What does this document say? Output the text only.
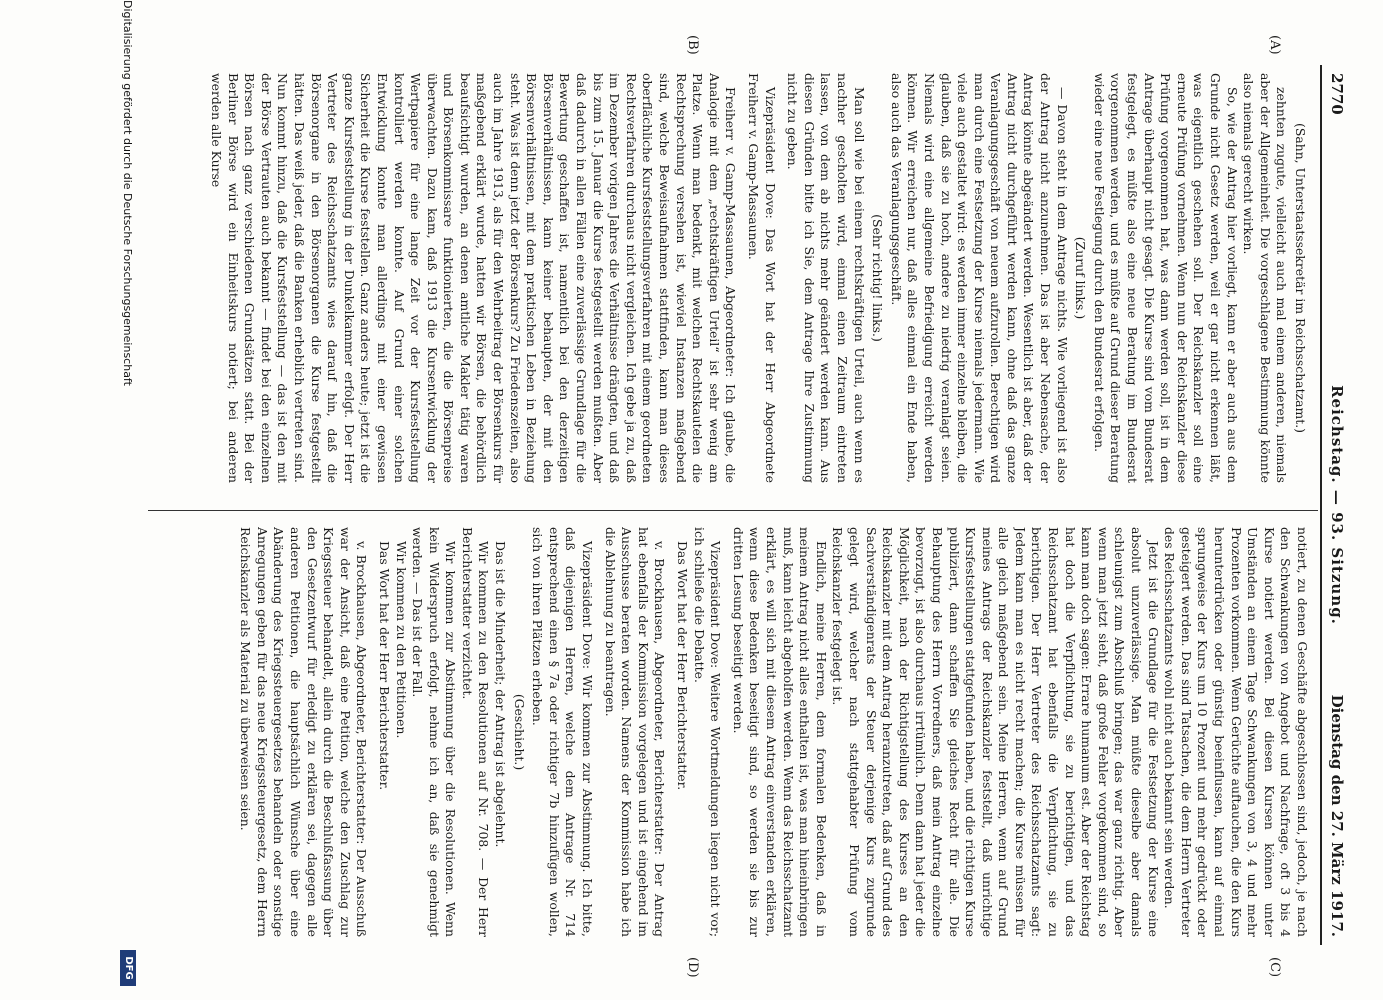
2770
Reichstag. — 93. Sitzung.
Dienstag den 27. März 1917.
(A)
(B)
(C)
(D)

(Sahn, Unterstaatssekretär im Reichsschatzamt.)

zehnten zugute, vielleicht auch mal einem anderen, niemals aber der Allgemeinheit. Die vorgeschlagene Bestimmung könnte also niemals gerecht wirken.

So, wie der Antrag hier vorliegt, kann er aber auch aus dem Grunde nicht Gesetz werden, weil er gar nicht erkennen läßt, was eigentlich geschehen soll. Der Reichskanzler soll eine erneute Prüfung vornehmen. Wenn nun der Reichskanzler diese Prüfung vorgenommen hat, was dann werden soll, ist in dem Antrage überhaupt nicht gesagt. Die Kurse sind vom Bundesrat festgelegt, es müßte also eine neue Beratung im Bundesrat vorgenommen werden, und es müßte auf Grund dieser Beratung wieder eine neue Festlegung durch den Bundesrat erfolgen.

(Zuruf links.)

— Davon steht in dem Antrage nichts. Wie vorliegend ist also der Antrag nicht anzunehmen. Das ist aber Nebensache, der Antrag könnte abgeändert werden. Wesentlich ist aber, daß der Antrag nicht durchgeführt werden kann, ohne daß das ganze Veranlagungsgeschäft von neuem aufzurollen. Berechtigen wird man durch eine Festsetzung der Kurse niemals jedermann. Wie viele auch gestaltet wird: es werden immer einzelne bleiben, die glauben, daß sie zu hoch, andere zu niedrig veranlagt seien. Niemals wird eine allgemeine Befriedigung erreicht werden können. Wir erreichen nur, daß alles einmal ein Ende haben, also auch das Veranlagungsgeschäft.

(Sehr richtig! links.)

Man soll wie bei einem rechtskräftigen Urteil, auch wenn es nachher gescholten wird, einmal einen Zeitraum eintreten lassen, von dem ab nichts mehr geändert werden kann. Aus diesen Gründen bitte ich Sie, dem Antrage Ihre Zustimmung nicht zu geben.

Vizepräsident Dove: Das Wort hat der Herr Abgeordnete Freiherr v. Gamp-Massaunen.

Freiherr v. Gamp-Massaunen, Abgeordneter: Ich glaube, die Analogie mit dem „rechtskräftigen Urteil“ ist sehr wenig am Platze. Wenn man bedenkt, mit welchen Rechtskautelen die Rechtsprechung versehen ist, wieviel Instanzen maßgebend sind, welche Beweisaufnahmen stattfinden, kann man dieses oberflächliche Kursfeststellungsverfahren mit einem geordneten Rechtsverfahren durchaus nicht vergleichen. Ich gebe ja zu, daß im Dezember vorigen Jahres die Verhältnisse drängten, und daß bis zum 15. Januar die Kurse festgestellt werden mußten. Aber daß dadurch in allen Fällen eine zuverlässige Grundlage für die Bewertung geschaffen ist, namentlich bei den derzeitigen Börsenverhältnissen, kann keiner behaupten, der mit den Börsenverhältnissen, mit dem praktischen Leben in Beziehung steht. Was ist denn jetzt der Börsenkurs? Zu Friedenszeiten, also auch im Jahre 1913, als für den Wehrbeitrag der Börsenkurs für maßgebend erklärt wurde, hatten wir Börsen, die behördlich beaufsichtigt wurden, an denen amtliche Makler tätig waren und Börsenkommissare funktionierten, die die Börsenpreise überwachten. Dazu kam, daß 1913 die Kursentwicklung der Wertpapiere für eine lange Zeit vor der Kursfeststellung kontrolliert werden konnte. Auf Grund einer solchen Entwicklung konnte man allerdings mit einer gewissen Sicherheit die Kurse feststellen. Ganz anders heute; jetzt ist die ganze Kursfeststellung in der Dunkelkammer erfolgt. Der Herr Vertreter des Reichsschatzamts wies darauf hin, daß die Börsenorgane in den Börsenorganen die Kurse festgestellt hätten. Das weiß jeder, daß die Banken erheblich vertreten sind. Nun kommt hinzu, daß die Kursfeststellung — das ist den mit der Börse Vertrauten auch bekannt — findet bei den einzelnen Börsen nach ganz verschiedenen Grundsätzen statt. Bei der Berliner Börse wird ein Einheitskurs notiert; bei anderen werden alle Kurse

notiert, zu denen Geschäfte abgeschlossen sind, jedoch, je nach den Schwankungen von Angebot und Nachfrage, oft 3 bis 4 Kurse notiert werden. Bei diesen Kursen können unter Umständen an einem Tage Schwankungen von 3, 4 und mehr Prozenten vorkommen. Wenn Gerüchte auftauchen, die den Kurs herunterdrücken oder günstig beeinflussen, kann auf einmal sprungweise der Kurs um 10 Prozent und mehr gedrückt oder gesteigert werden. Das sind Tatsachen, die dem Herrn Vertreter des Reichsschatzamts wohl nicht auch bekannt sein werden.

Jetzt ist die Grundlage für die Festsetzung der Kurse eine absolut unzuverlässige. Man müßte dieselbe aber damals schleunigst zum Abschluß bringen; das war ganz richtig. Aber wenn man jetzt sieht, daß große Fehler vorgekommen sind, so kann man doch sagen: Errare humanum est. Aber der Reichstag hat doch die Verpflichtung, sie zu berichtigen, und das Reichsschatzamt hat ebenfalls die Verpflichtung, sie zu berichtigen. Der Herr Vertreter des Reichsschatzamts sagt: Jedem kann man es nicht recht machen; die Kurse müssen für alle gleich maßgebend sein. Meine Herren, wenn auf Grund meines Antrags der Reichskanzler feststellt, daß unrichtige Kursfeststellungen stattgefunden haben, und die richtigen Kurse publiziert, dann schaffen Sie gleiches Recht für alle. Die Behauptung des Herrn Vorredners, daß mein Antrag einzelne bevorzugt, ist also durchaus irrtümlich. Denn dann hat jeder die Möglichkeit, nach der Richtigstellung des Kurses an den Reichskanzler mit dem Antrag heranzutreten, daß auf Grund des Sachverständigenrats der Steuer derjenige Kurs zugrunde gelegt wird, welcher nach stattgehabter Prüfung vom Reichskanzler festgelegt ist.

Endlich, meine Herren, dem formalen Bedenken, daß in meinem Antrag nicht alles enthalten ist, was man hineinbringen muß, kann leicht abgeholfen werden. Wenn das Reichsschatzamt erklärt, es will sich mit diesem Antrag einverstanden erklären, wenn diese Bedenken beseitigt sind, so werden sie bis zur dritten Lesung beseitigt werden.

Vizepräsident Dove: Weitere Wortmeldungen liegen nicht vor; ich schließe die Debatte.

Das Wort hat der Herr Berichterstatter.

v. Brockhausen, Abgeordneter, Berichterstatter: Der Antrag hat ebenfalls der Kommission vorgelegen und ist eingehend im Ausschusse beraten worden. Namens der Kommission habe ich die Ablehnung zu beantragen.

Vizepräsident Dove: Wir kommen zur Abstimmung. Ich bitte, daß diejenigen Herren, welche dem Antrage Nr. 714 entsprechend einen § 7a oder richtiger 7b hinzufügen wollen, sich von ihren Plätzen erheben.

(Geschieht.)

Das ist die Minderheit; der Antrag ist abgelehnt.

Wir kommen zu den Resolutionen auf Nr. 708. — Der Herr Berichterstatter verzichtet.

Wir kommen zur Abstimmung über die Resolutionen. Wenn kein Widerspruch erfolgt, nehme ich an, daß sie genehmigt werden. — Das ist der Fall.

Wir kommen zu den Petitionen.

Das Wort hat der Herr Berichterstatter.

v. Brockhausen, Abgeordneter, Berichterstatter: Der Ausschuß war der Ansicht, daß eine Petition, welche den Zuschlag zur Kriegssteuer behandelt, allein durch die Beschlußfassung über den Gesetzentwurf für erledigt zu erklären sei, dagegen alle anderen Petitionen, die hauptsächlich Wünsche über eine Abänderung des Kriegssteuergesetzes behandeln oder sonstige Anregungen geben für das neue Kriegssteuergesetz, dem Herrn Reichskanzler als Material zu überweisen seien.

Digitalisierung gefördert durch die Deutsche Forschungsgemeinschaft
DFG
